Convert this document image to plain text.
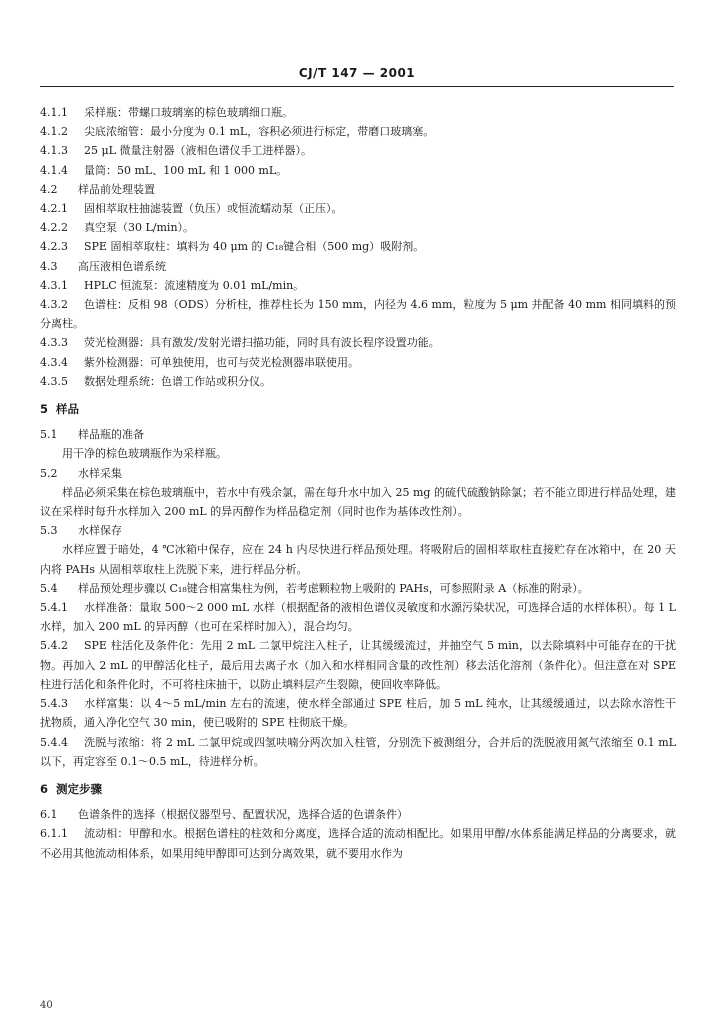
CJ/T 147 — 2001
4.1.1 采样瓶：带螺口玻璃塞的棕色玻璃细口瓶。
4.1.2 尖底浓缩管：最小分度为 0.1 mL，容积必须进行标定，带磨口玻璃塞。
4.1.3 25 μL 微量注射器（液相色谱仪手工进样器）。
4.1.4 量筒：50 mL、100 mL 和 1 000 mL。
4.2 样品前处理装置
4.2.1 固相萃取柱抽滤装置（负压）或恒流蠕动泵（正压）。
4.2.2 真空泵（30 L/min）。
4.2.3 SPE 固相萃取柱：填料为 40 μm 的 C₁₈键合相（500 mg）吸附剂。
4.3 高压液相色谱系统
4.3.1 HPLC 恒流泵：流速精度为 0.01 mL/min。
4.3.2 色谱柱：反相 98（ODS）分析柱，推荐柱长为 150 mm，内径为 4.6 mm，粒度为 5 μm 并配备 40 mm 相同填料的预分离柱。
4.3.3 荧光检测器：具有激发/发射光谱扫描功能，同时具有波长程序设置功能。
4.3.4 紫外检测器：可单独使用，也可与荧光检测器串联使用。
4.3.5 数据处理系统：色谱工作站或积分仪。
5 样品
5.1 样品瓶的准备
用干净的棕色玻璃瓶作为采样瓶。
5.2 水样采集
样品必须采集在棕色玻璃瓶中，若水中有残余氯，需在每升水中加入 25 mg 的硫代硫酸钠除氯；若不能立即进行样品处理，建议在采样时每升水样加入 200 mL 的异丙醇作为样品稳定剂（同时也作为基体改性剂）。
5.3 水样保存
水样应置于暗处，4 ℃冰箱中保存，应在 24 h 内尽快进行样品预处理。将吸附后的固相萃取柱直接贮存在冰箱中，在 20 天内将 PAHs 从固相萃取柱上洗脱下来，进行样品分析。
5.4 样品预处理步骤以 C₁₈键合相富集柱为例，若考虑颗粒物上吸附的 PAHs，可参照附录 A（标准的附录）。
5.4.1 水样准备：量取 500～2 000 mL 水样（根据配备的液相色谱仪灵敏度和水源污染状况，可选择合适的水样体积）。每 1 L 水样，加入 200 mL 的异丙醇（也可在采样时加入），混合均匀。
5.4.2 SPE 柱活化及条件化：先用 2 mL 二氯甲烷注入柱子，让其缓缓流过，并抽空气 5 min，以去除填料中可能存在的干扰物。再加入 2 mL 的甲醇活化柱子，最后用去离子水（加入和水样相同含量的改性剂）移去活化溶剂（条件化）。但注意在对 SPE 柱进行活化和条件化时，不可将柱床抽干，以防止填料层产生裂隙，使回收率降低。
5.4.3 水样富集：以 4～5 mL/min 左右的流速，使水样全部通过 SPE 柱后，加 5 mL 纯水，让其缓缓通过，以去除水溶性干扰物质，通入净化空气 30 min，使已吸附的 SPE 柱彻底干燥。
5.4.4 洗脱与浓缩：将 2 mL 二氯甲烷或四氢呋喃分两次加入柱管，分别洗下被测组分，合并后的洗脱液用氮气浓缩至 0.1 mL 以下，再定容至 0.1～0.5 mL，待进样分析。
6 测定步骤
6.1 色谱条件的选择（根据仪器型号、配置状况，选择合适的色谱条件）
6.1.1 流动相：甲醇和水。根据色谱柱的柱效和分离度，选择合适的流动相配比。如果用甲醇/水体系能满足样品的分离要求，就不必用其他流动相体系，如果用纯甲醇即可达到分离效果，就不要用水作为
40
